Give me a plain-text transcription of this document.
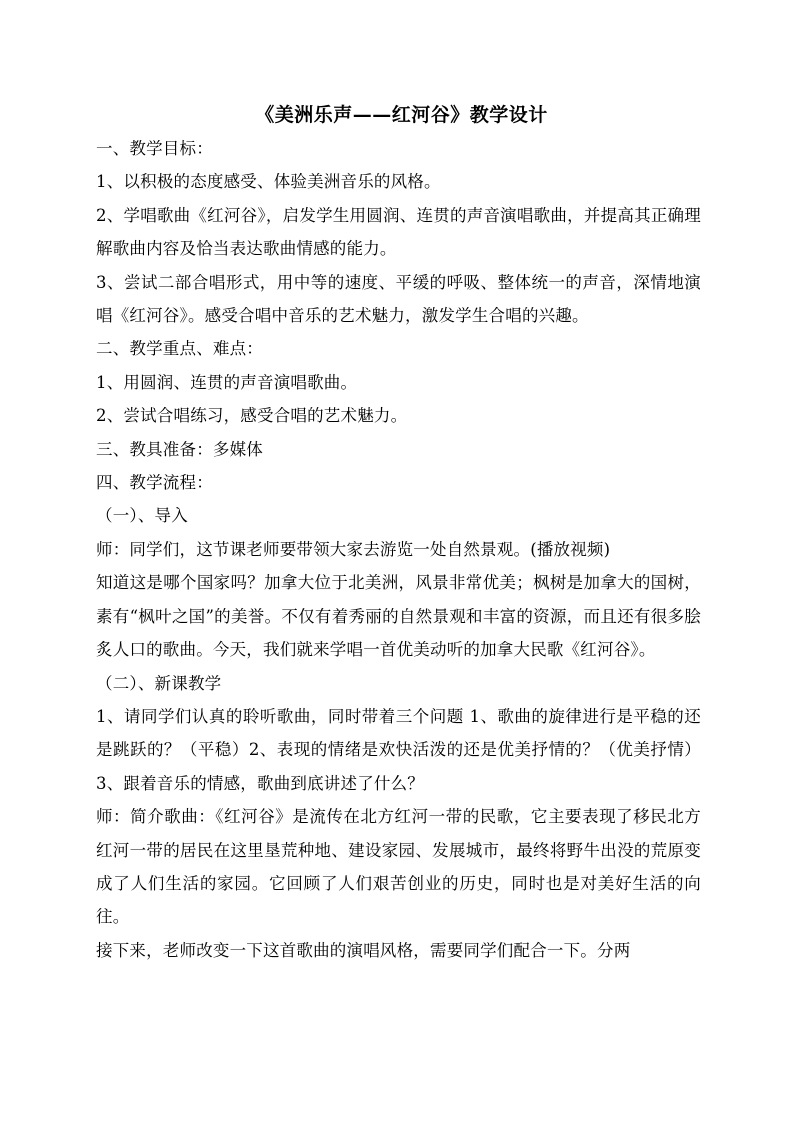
《美洲乐声——红河谷》教学设计

一、教学目标：

1、以积极的态度感受、体验美洲音乐的风格。

2、学唱歌曲《红河谷》，启发学生用圆润、连贯的声音演唱歌曲，并提高其正确理解歌曲内容及恰当表达歌曲情感的能力。

3、尝试二部合唱形式，用中等的速度、平缓的呼吸、整体统一的声音，深情地演唱《红河谷》。感受合唱中音乐的艺术魅力，激发学生合唱的兴趣。

二、教学重点、难点：

1、用圆润、连贯的声音演唱歌曲。

2、尝试合唱练习，感受合唱的艺术魅力。

三、教具准备：多媒体

四、教学流程：

（一）、导入

师：同学们，这节课老师要带领大家去游览一处自然景观。(播放视频)

知道这是哪个国家吗？加拿大位于北美洲，风景非常优美；枫树是加拿大的国树，素有“枫叶之国”的美誉。不仅有着秀丽的自然景观和丰富的资源，而且还有很多脍炙人口的歌曲。今天，我们就来学唱一首优美动听的加拿大民歌《红河谷》。

（二）、新课教学

1、请同学们认真的聆听歌曲，同时带着三个问题 1、歌曲的旋律进行是平稳的还是跳跃的？（平稳）2、表现的情绪是欢快活泼的还是优美抒情的？（优美抒情）3、跟着音乐的情感，歌曲到底讲述了什么？

师：简介歌曲：《红河谷》是流传在北方红河一带的民歌，它主要表现了移民北方红河一带的居民在这里垦荒种地、建设家园、发展城市，最终将野牛出没的荒原变成了人们生活的家园。它回顾了人们艰苦创业的历史，同时也是对美好生活的向往。

接下来，老师改变一下这首歌曲的演唱风格，需要同学们配合一下。分两
